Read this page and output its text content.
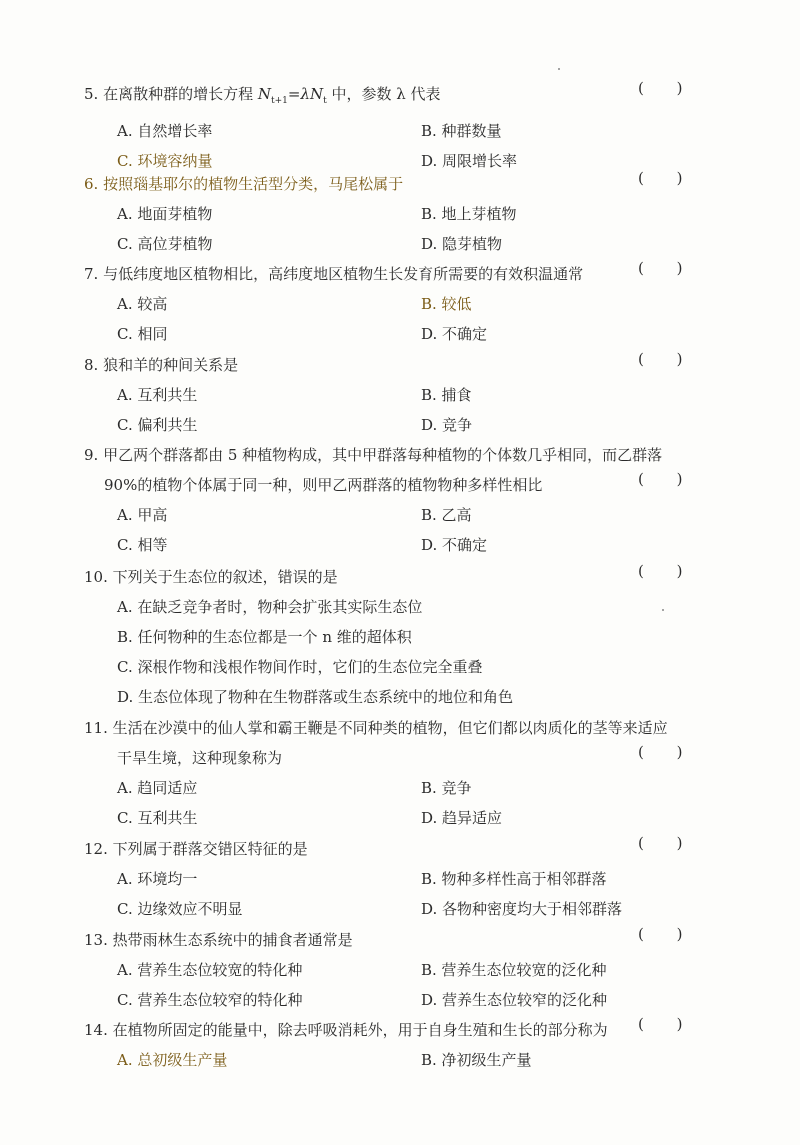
5. 在离散种群的增长方程 $N_{t+1}=\lambda N_t$ 中，参数 λ 代表
A. 自然增长率	B. 种群数量
C. 环境容纳量	D. 周限增长率
( )
6. 按照瑙基耶尔的植物生活型分类，马尾松属于
A. 地面芽植物	B. 地上芽植物
C. 高位芽植物	D. 隐芽植物
( )
7. 与低纬度地区植物相比，高纬度地区植物生长发育所需要的有效积温通常
A. 较高	B. 较低
C. 相同	D. 不确定
( )
8. 狼和羊的种间关系是
A. 互利共生	B. 捕食
C. 偏利共生	D. 竞争
( )
9. 甲乙两个群落都由 5 种植物构成，其中甲群落每种植物的个体数几乎相同，而乙群落
90%的植物个体属于同一种，则甲乙两群落的植物物种多样性相比
A. 甲高	B. 乙高
C. 相等	D. 不确定
( )
10. 下列关于生态位的叙述，错误的是
A. 在缺乏竞争者时，物种会扩张其实际生态位
B. 任何物种的生态位都是一个 n 维的超体积
C. 深根作物和浅根作物间作时，它们的生态位完全重叠
D. 生态位体现了物种在生物群落或生态系统中的地位和角色
( )
11. 生活在沙漠中的仙人掌和霸王鞭是不同种类的植物，但它们都以肉质化的茎等来适应
干旱生境，这种现象称为
A. 趋同适应	B. 竞争
C. 互利共生	D. 趋异适应
( )
12. 下列属于群落交错区特征的是
A. 环境均一	B. 物种多样性高于相邻群落
C. 边缘效应不明显	D. 各物种密度均大于相邻群落
( )
13. 热带雨林生态系统中的捕食者通常是
A. 营养生态位较宽的特化种	B. 营养生态位较宽的泛化种
C. 营养生态位较窄的特化种	D. 营养生态位较窄的泛化种
( )
14. 在植物所固定的能量中，除去呼吸消耗外，用于自身生殖和生长的部分称为
A. 总初级生产量	B. 净初级生产量
( )
